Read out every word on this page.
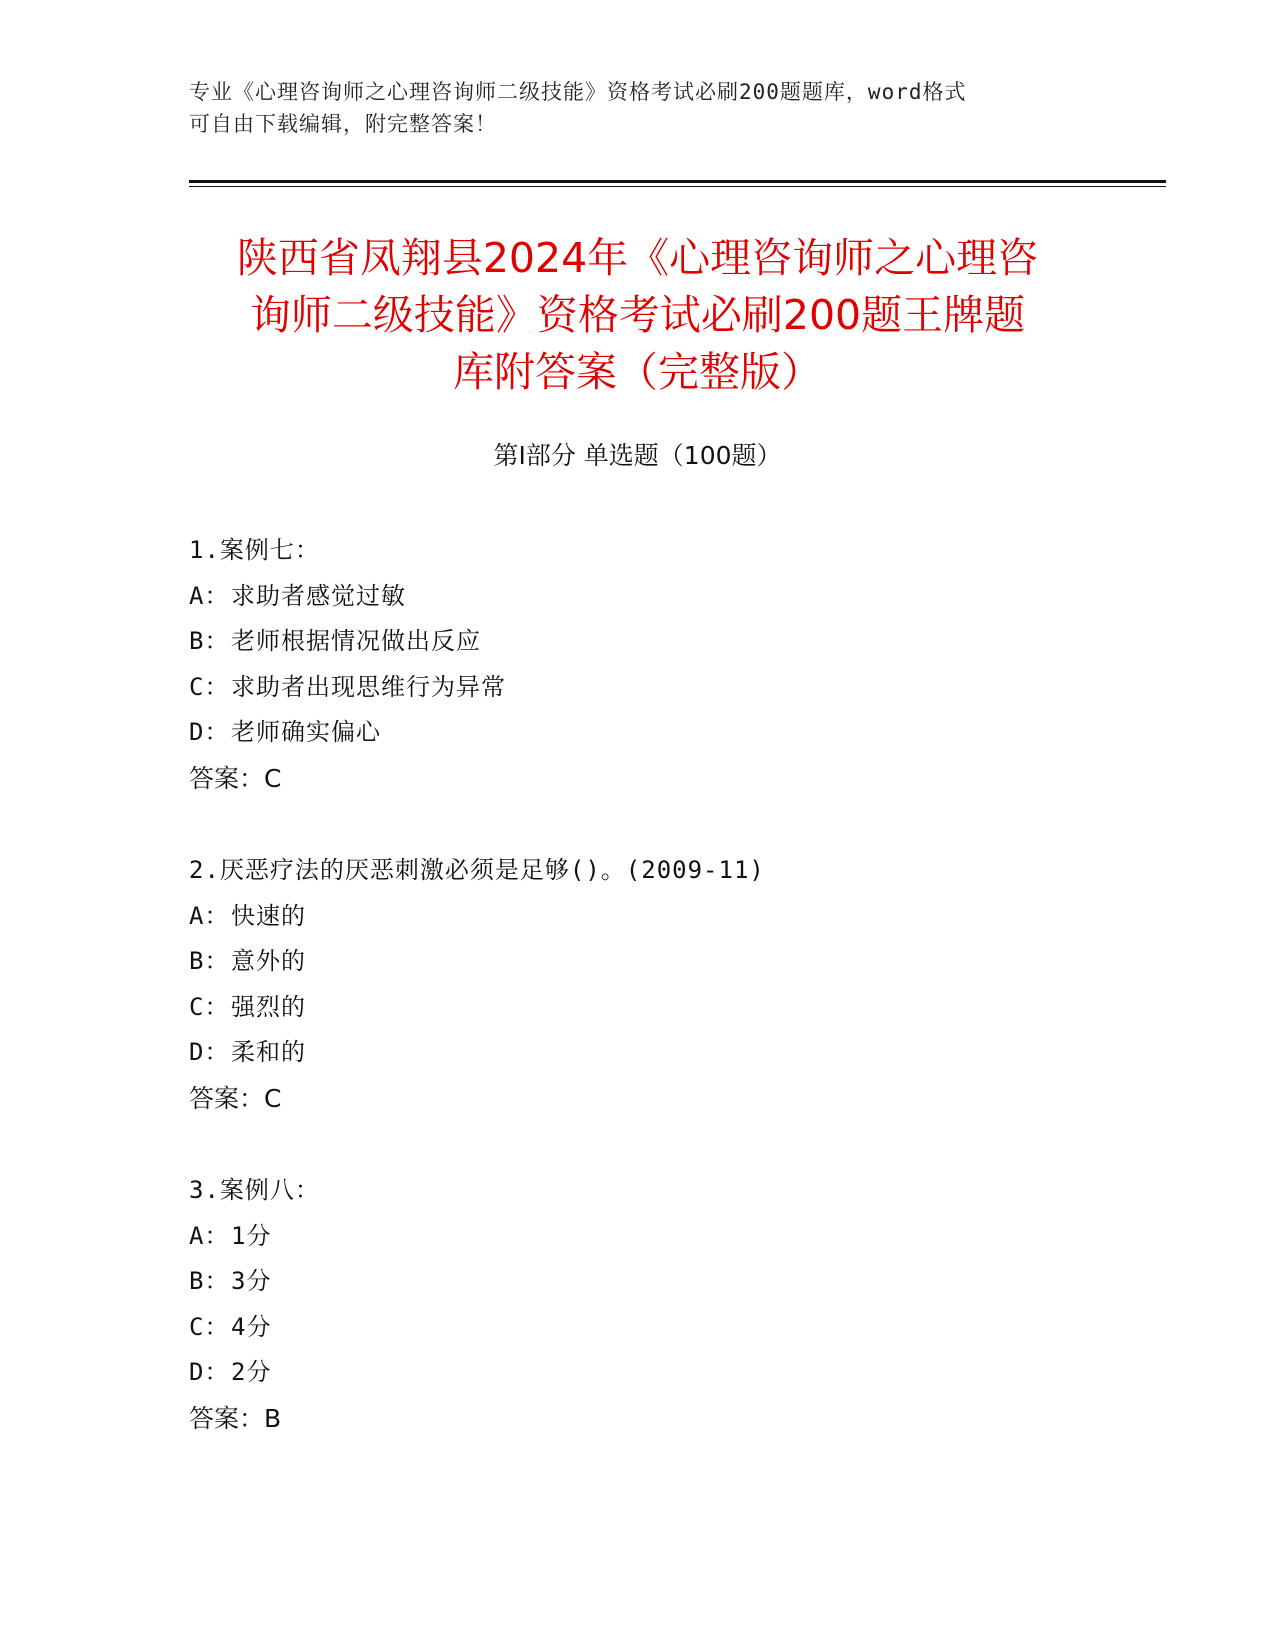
专业《心理咨询师之心理咨询师二级技能》资格考试必刷200题题库，word格式
可自由下载编辑，附完整答案！
陕西省凤翔县2024年《心理咨询师之心理咨
询师二级技能》资格考试必刷200题王牌题
库附答案（完整版）
第Ⅰ部分 单选题（100题）
1.案例七：
A：求助者感觉过敏
B：老师根据情况做出反应
C：求助者出现思维行为异常
D：老师确实偏心
答案：C
2.厌恶疗法的厌恶刺激必须是足够()。(2009-11)
A：快速的
B：意外的
C：强烈的
D：柔和的
答案：C
3.案例八：
A：1分
B：3分
C：4分
D：2分
答案：B
